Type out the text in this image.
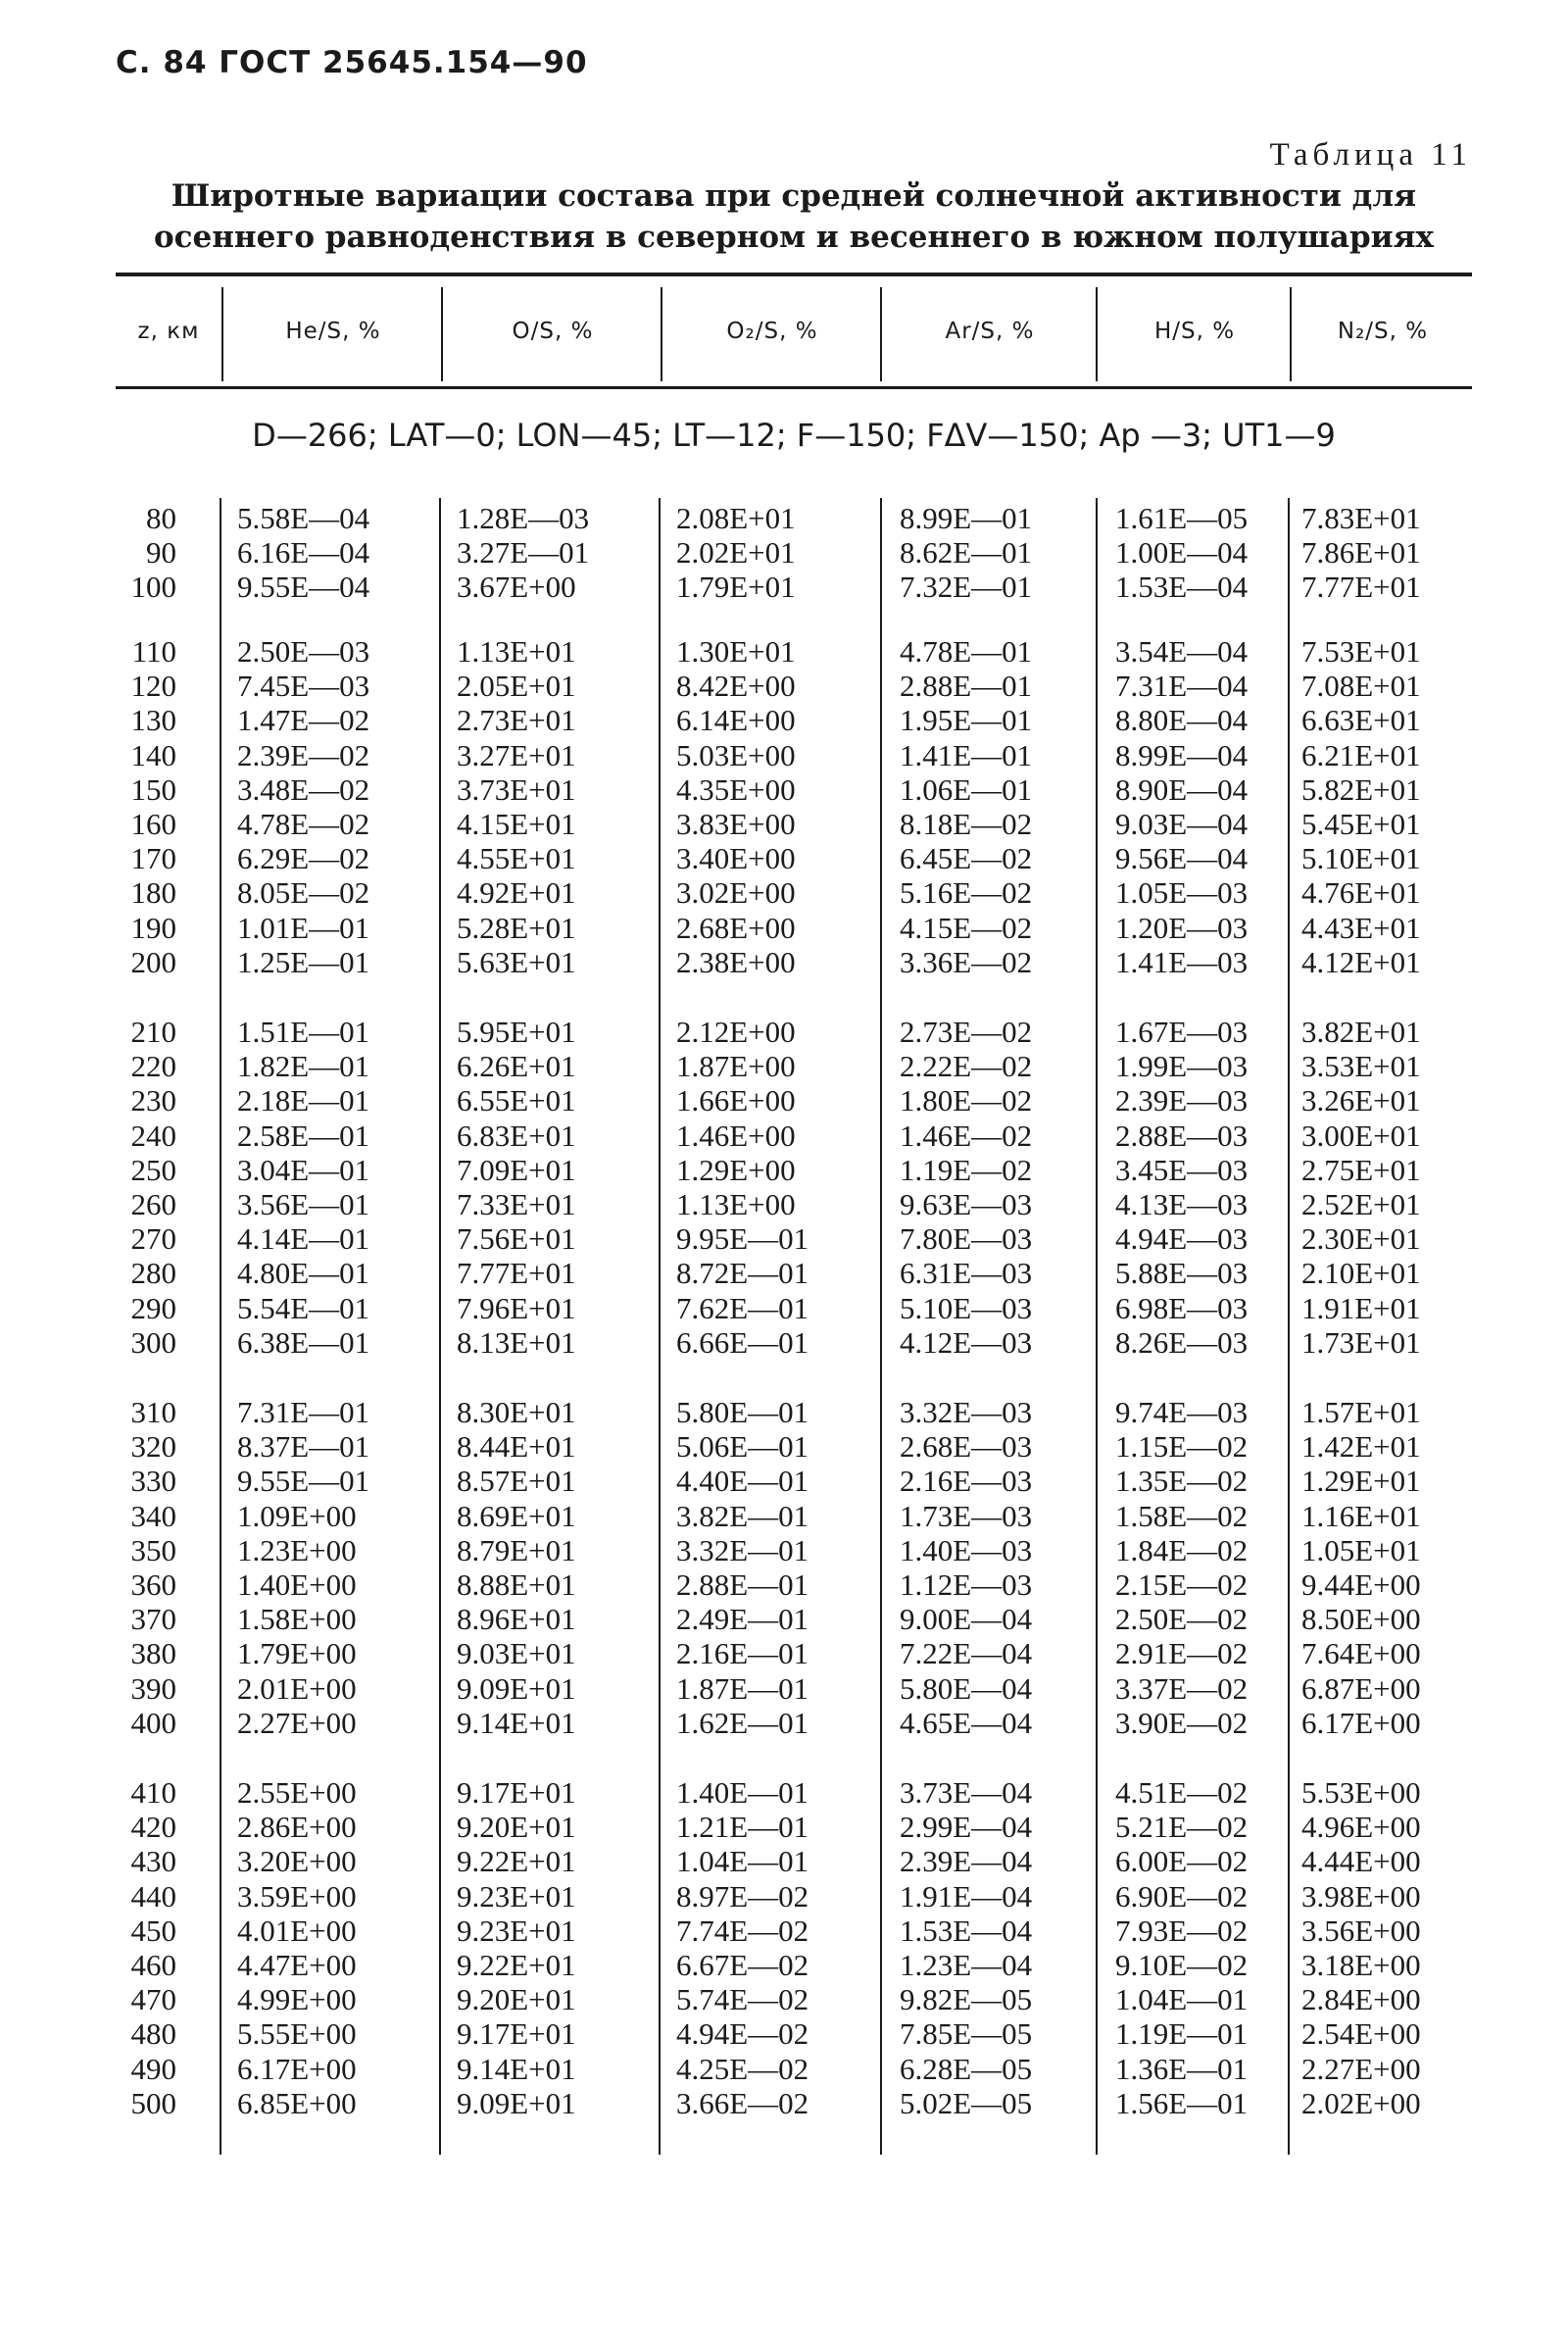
С. 84 ГОСТ 25645.154—90
Таблица 11
Широтные вариации состава при средней солнечной активности для
осеннего равноденствия в северном и весеннего в южном полушариях
z, км	He/S, %	O/S, %	O₂/S, %	Ar/S, %	H/S, %	N₂/S, %
D—266; LAT—0; LON—45; LT—12; F—150; FΔV—150; Aр —3; UT1—9
80 5.58E—04	1.28E—03	2.08E+01	8.99E—01	1.61E—05 7.83E+01
90 6.16E—04	3.27E—01	2.02E+01	8.62E—01	1.00E—04 7.86E+01
100 9.55E—04	3.67E+00	1.79E+01	7.32E—01	1.53E—04 7.77E+01
110 2.50E—03	1.13E+01	1.30E+01	4.78E—01	3.54E—04 7.53E+01
120 7.45E—03	2.05E+01	8.42E+00	2.88E—01	7.31E—04 7.08E+01
130 1.47E—02	2.73E+01	6.14E+00	1.95E—01	8.80E—04 6.63E+01
140 2.39E—02	3.27E+01	5.03E+00	1.41E—01	8.99E—04 6.21E+01
150 3.48E—02	3.73E+01	4.35E+00	1.06E—01	8.90E—04 5.82E+01
160 4.78E—02	4.15E+01	3.83E+00	8.18E—02	9.03E—04 5.45E+01
170 6.29E—02	4.55E+01	3.40E+00	6.45E—02	9.56E—04 5.10E+01
180 8.05E—02	4.92E+01	3.02E+00	5.16E—02	1.05E—03 4.76E+01
190 1.01E—01	5.28E+01	2.68E+00	4.15E—02	1.20E—03 4.43E+01
200 1.25E—01	5.63E+01	2.38E+00	3.36E—02	1.41E—03 4.12E+01
210 1.51E—01	5.95E+01	2.12E+00	2.73E—02	1.67E—03 3.82E+01
220 1.82E—01	6.26E+01	1.87E+00	2.22E—02	1.99E—03 3.53E+01
230 2.18E—01	6.55E+01	1.66E+00	1.80E—02	2.39E—03 3.26E+01
240 2.58E—01	6.83E+01	1.46E+00	1.46E—02	2.88E—03 3.00E+01
250 3.04E—01	7.09E+01	1.29E+00	1.19E—02	3.45E—03 2.75E+01
260 3.56E—01	7.33E+01	1.13E+00	9.63E—03	4.13E—03 2.52E+01
270 4.14E—01	7.56E+01	9.95E—01	7.80E—03	4.94E—03 2.30E+01
280 4.80E—01	7.77E+01	8.72E—01	6.31E—03	5.88E—03 2.10E+01
290 5.54E—01	7.96E+01	7.62E—01	5.10E—03	6.98E—03 1.91E+01
300 6.38E—01	8.13E+01	6.66E—01	4.12E—03	8.26E—03 1.73E+01
310 7.31E—01	8.30E+01	5.80E—01	3.32E—03	9.74E—03 1.57E+01
320 8.37E—01	8.44E+01	5.06E—01	2.68E—03	1.15E—02 1.42E+01
330 9.55E—01	8.57E+01	4.40E—01	2.16E—03	1.35E—02 1.29E+01
340 1.09E+00	8.69E+01	3.82E—01	1.73E—03	1.58E—02 1.16E+01
350 1.23E+00	8.79E+01	3.32E—01	1.40E—03	1.84E—02 1.05E+01
360 1.40E+00	8.88E+01	2.88E—01	1.12E—03	2.15E—02 9.44E+00
370 1.58E+00	8.96E+01	2.49E—01	9.00E—04	2.50E—02 8.50E+00
380 1.79E+00	9.03E+01	2.16E—01	7.22E—04	2.91E—02 7.64E+00
390 2.01E+00	9.09E+01	1.87E—01	5.80E—04	3.37E—02 6.87E+00
400 2.27E+00	9.14E+01	1.62E—01	4.65E—04	3.90E—02 6.17E+00
410 2.55E+00	9.17E+01	1.40E—01	3.73E—04	4.51E—02 5.53E+00
420 2.86E+00	9.20E+01	1.21E—01	2.99E—04	5.21E—02 4.96E+00
430 3.20E+00	9.22E+01	1.04E—01	2.39E—04	6.00E—02 4.44E+00
440 3.59E+00	9.23E+01	8.97E—02	1.91E—04	6.90E—02 3.98E+00
450 4.01E+00	9.23E+01	7.74E—02	1.53E—04	7.93E—02 3.56E+00
460 4.47E+00	9.22E+01	6.67E—02	1.23E—04	9.10E—02 3.18E+00
470 4.99E+00	9.20E+01	5.74E—02	9.82E—05	1.04E—01 2.84E+00
480 5.55E+00	9.17E+01	4.94E—02	7.85E—05	1.19E—01 2.54E+00
490 6.17E+00	9.14E+01	4.25E—02	6.28E—05	1.36E—01 2.27E+00
500 6.85E+00	9.09E+01	3.66E—02	5.02E—05	1.56E—01 2.02E+00
